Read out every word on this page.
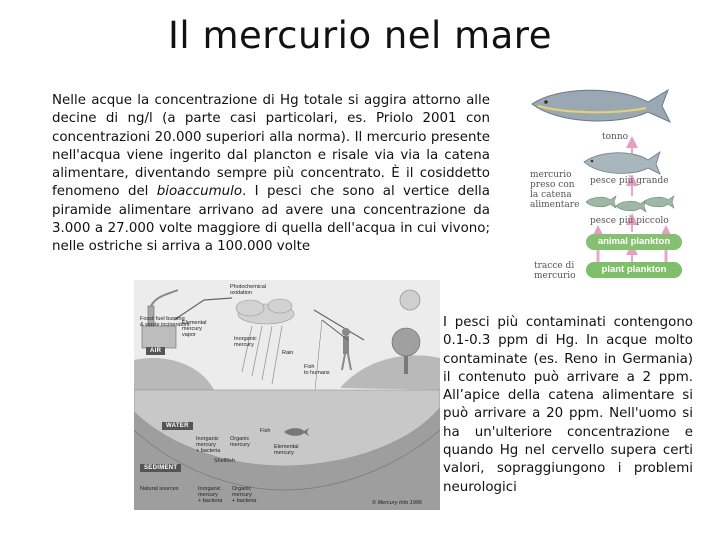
Il mercurio nel mare
Nelle acque la concentrazione di Hg totale si aggira attorno alle decine di ng/l (a parte casi particolari, es. Priolo 2001 con concentrazioni 20.000 superiori alla norma). Il mercurio presente nell'acqua viene ingerito dal plancton e risale via via la catena alimentare, diventando sempre più concentrato. È il cosiddetto fenomeno del bioaccumulo. I pesci che sono al vertice della piramide alimentare arrivano ad avere una concentrazione da 3.000 a 27.000 volte maggiore di quella dell'acqua in cui vivono; nelle ostriche si arriva a 100.000 volte
tonno
mercurio
preso con
la catena
alimentare
pesce più grande
pesce più piccolo
animal plankton
plant plankton
tracce di
mercurio
AIR
WATER
SEDIMENT
Fossil fuel burning
& waste incinerators
Elemental
mercury
vapor
Photochemical
oxidation
Inorganic
mercury
Rain
Fish
to humans
Inorganic
mercury
+ bacteria
Organic
mercury
Fish
Shellfish
Elemental
mercury
Natural sources	Inorganic
mercury
+ bacteria
Organic
mercury
+ bacteria	© Mercury Info 1996
I pesci più contaminati contengono 0.1-0.3 ppm di Hg. In acque molto contaminate (es. Reno in Germania) il contenuto può arrivare a 2 ppm. All’apice della catena alimentare si può arrivare a 20 ppm. Nell'uomo si ha un'ulteriore concentrazione e quando Hg nel cervello supera certi valori, sopraggiungono i problemi neurologici
